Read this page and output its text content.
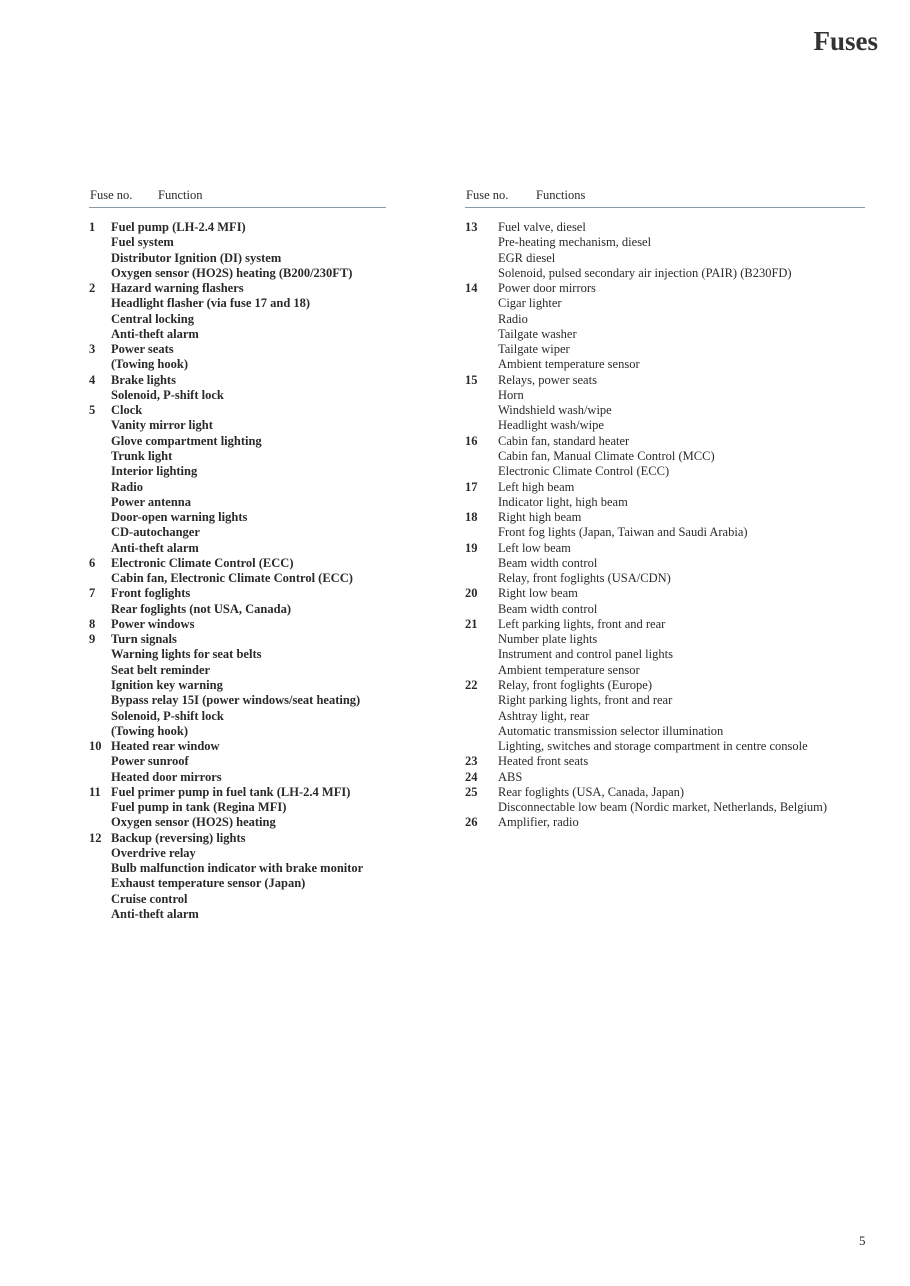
Fuses
Fuse no. Function
1 Fuel pump (LH-2.4 MFI)
Fuel system
Distributor Ignition (DI) system
Oxygen sensor (HO2S) heating (B200/230FT)
2 Hazard warning flashers
Headlight flasher (via fuse 17 and 18)
Central locking
Anti-theft alarm
3 Power seats
(Towing hook)
4 Brake lights
Solenoid, P-shift lock
5 Clock
Vanity mirror light
Glove compartment lighting
Trunk light
Interior lighting
Radio
Power antenna
Door-open warning lights
CD-autochanger
Anti-theft alarm
6 Electronic Climate Control (ECC)
Cabin fan, Electronic Climate Control (ECC)
7 Front foglights
Rear foglights (not USA, Canada)
8 Power windows
9 Turn signals
Warning lights for seat belts
Seat belt reminder
Ignition key warning
Bypass relay 15I (power windows/seat heating)
Solenoid, P-shift lock
(Towing hook)
10 Heated rear window
Power sunroof
Heated door mirrors
11 Fuel primer pump in fuel tank (LH-2.4 MFI)
Fuel pump in tank (Regina MFI)
Oxygen sensor (HO2S) heating
12 Backup (reversing) lights
Overdrive relay
Bulb malfunction indicator with brake monitor
Exhaust temperature sensor (Japan)
Cruise control
Anti-theft alarm
Fuse no. Functions
13 Fuel valve, diesel
Pre-heating mechanism, diesel
EGR diesel
Solenoid, pulsed secondary air injection (PAIR) (B230FD)
14 Power door mirrors
Cigar lighter
Radio
Tailgate washer
Tailgate wiper
Ambient temperature sensor
15 Relays, power seats
Horn
Windshield wash/wipe
Headlight wash/wipe
16 Cabin fan, standard heater
Cabin fan, Manual Climate Control (MCC)
Electronic Climate Control (ECC)
17 Left high beam
Indicator light, high beam
18 Right high beam
Front fog lights (Japan, Taiwan and Saudi Arabia)
19 Left low beam
Beam width control
Relay, front foglights (USA/CDN)
20 Right low beam
Beam width control
21 Left parking lights, front and rear
Number plate lights
Instrument and control panel lights
Ambient temperature sensor
22 Relay, front foglights (Europe)
Right parking lights, front and rear
Ashtray light, rear
Automatic transmission selector illumination
Lighting, switches and storage compartment in centre console
23 Heated front seats
24 ABS
25 Rear foglights (USA, Canada, Japan)
Disconnectable low beam (Nordic market, Netherlands, Belgium)
26 Amplifier, radio
5
